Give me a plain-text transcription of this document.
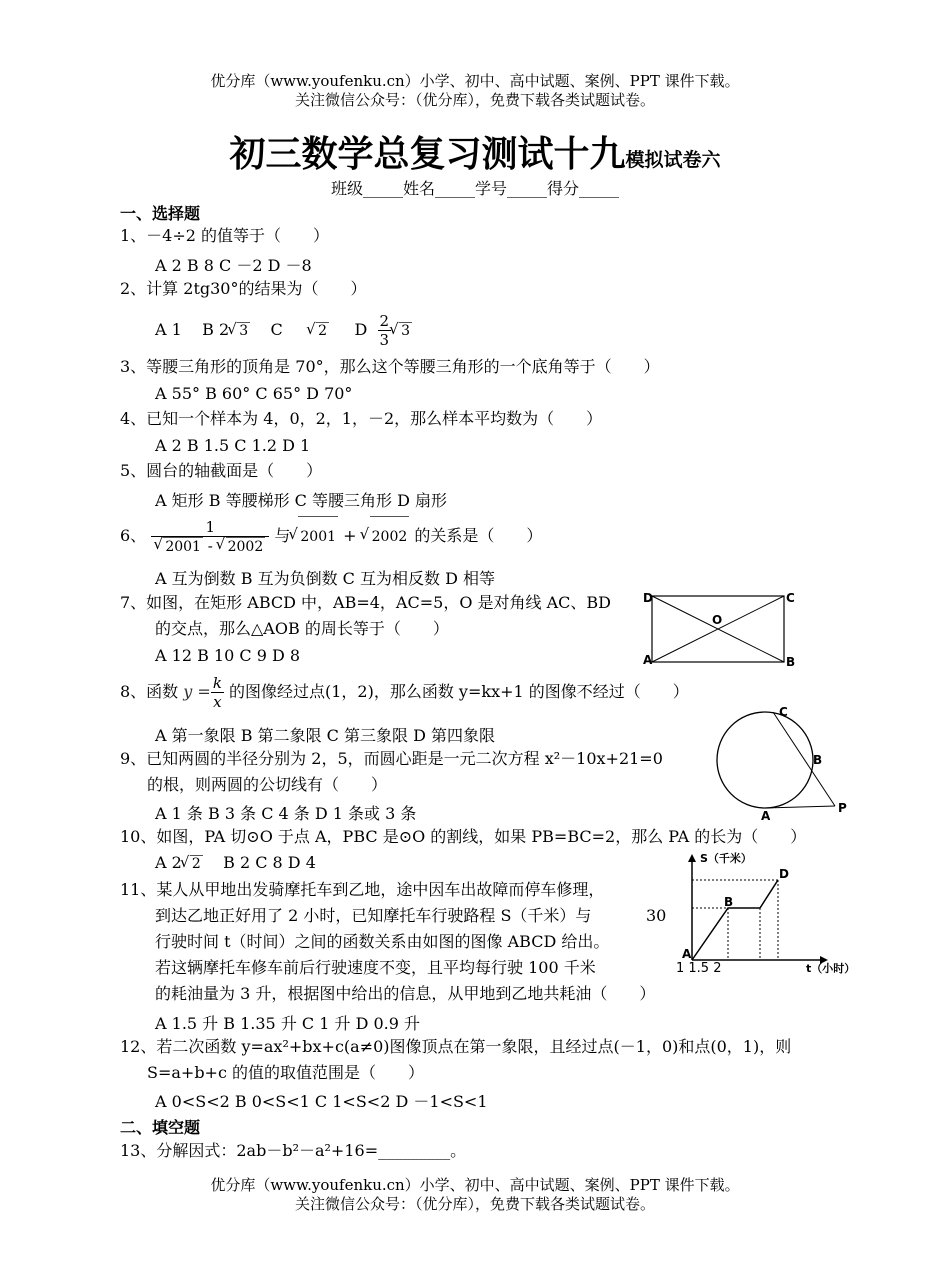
优分库（www.youfenku.cn）小学、初中、高中试题、案例、PPT 课件下载。
关注微信公众号：（优分库），免费下载各类试题试卷。
初三数学总复习测试十九模拟试卷六
班级_____姓名_____学号_____得分_____
一、选择题
1、－4÷2 的值等于（　　）
A 2 B 8 C －2 D －8
2、计算 2tg30°的结果为（　　）
A 1 B 2 √ 3 C	√ 2 D $\frac{2}{3}$ √ 3
3、等腰三角形的顶角是 70°，那么这个等腰三角形的一个底角等于（　　）
A 55° B 60° C 65° D 70°
4、已知一个样本为 4，0，2，1，－2，那么样本平均数为（　　）
A 2 B 1.5 C 1.2 D 1
5、圆台的轴截面是（　　）
A 矩形 B 等腰梯形 C 等腰三角形 D 扇形
6、 1
√ 2001 - √ 2002 与 √ 2001 + √ 2002 的关系是（　　）
A 互为倒数 B 互为负倒数 C 互为相反数 D 相等
7、如图，在矩形 ABCD 中，AB=4，AC=5，O 是对角线 AC、BD
的交点，那么△AOB 的周长等于（　　）
A 12 B 10 C 9 D 8
D	C
A	B
O
8、函数 $y = \frac{k}{x}$ 的图像经过点(1，2)，那么函数 y=kx+1 的图像不经过（　　）
A 第一象限 B 第二象限 C 第三象限 D 第四象限
9、已知两圆的半径分别为 2，5，而圆心距是一元二次方程 x²－10x+21=0
的根，则两圆的公切线有（　　）
A 1 条 B 3 条 C 4 条 D 1 条或 3 条
C
B
A
P
10、如图，PA 切⊙O 于点 A，PBC 是⊙O 的割线，如果 PB=BC=2，那么 PA 的长为（　　）
A 2 √ 2 B 2 C 8 D 4
11、某人从甲地出发骑摩托车到乙地，途中因车出故障而停车修理，
到达乙地正好用了 2 小时，已知摩托车行驶路程 S（千米）与
行驶时间 t（时间）之间的函数关系由如图的图像 ABCD 给出。
若这辆摩托车修车前后行驶速度不变，且平均每行驶 100 千米
的耗油量为 3 升，根据图中给出的信息，从甲地到乙地共耗油（　　）
A 1.5 升 B 1.35 升 C 1 升 D 0.9 升
30
S（千米）
t（小时）
A
B
D
1 1.5 2
12、若二次函数 y=ax²+bx+c(a≠0)图像顶点在第一象限，且经过点(－1，0)和点(0，1)，则
S=a+b+c 的值的取值范围是（　　）
A 0<S<2 B 0<S<1 C 1<S<2 D －1<S<1
二、填空题
13、分解因式：2ab－b²－a²+16=_________。
优分库（www.youfenku.cn）小学、初中、高中试题、案例、PPT 课件下载。
关注微信公众号：（优分库），免费下载各类试题试卷。
